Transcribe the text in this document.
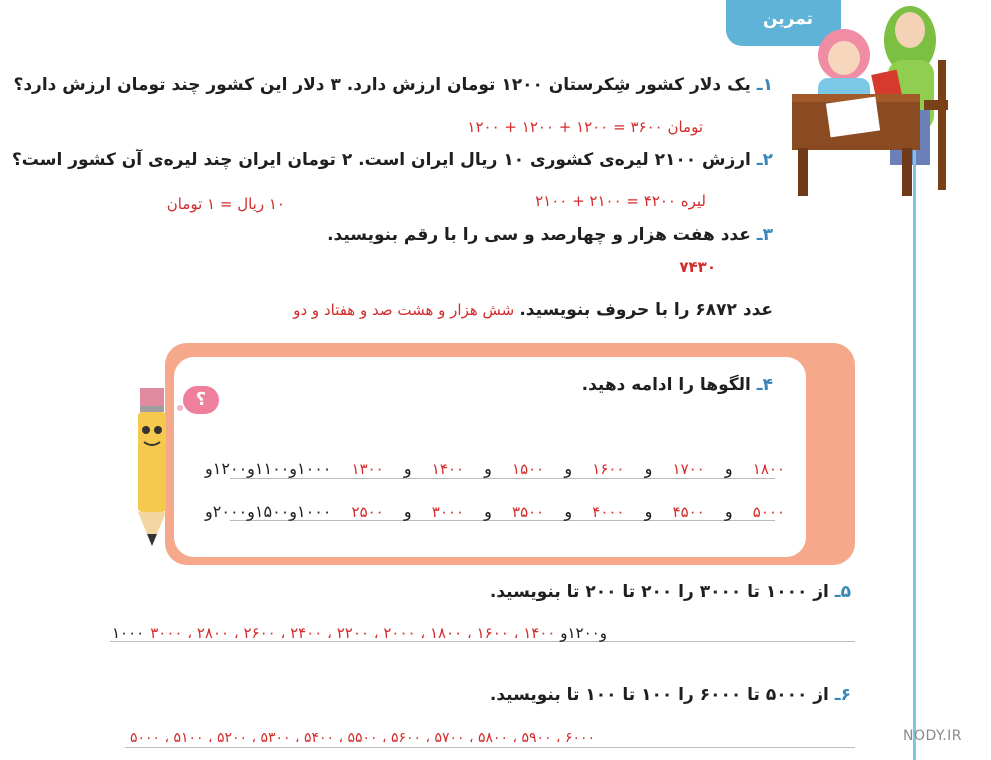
تمرین
۱ـ یک دلار کشور شِکرستان ۱۲۰۰ تومان ارزش دارد. ۳ دلار این کشور چند تومان ارزش دارد؟
تومان ۳۶۰۰ = ۱۲۰۰ + ۱۲۰۰ + ۱۲۰۰
۲ـ ارزش ۲۱۰۰ لیره‌ی کشوری ۱۰ ریال ایران است. ۲ تومان ایران چند لیره‌ی آن کشور است؟
لیره ۴۲۰۰ = ۲۱۰۰ + ۲۱۰۰
۱۰ ریال = ۱ تومان
۳ـ عدد هفت هزار و چهارصد و سی را با رقم بنویسید.
۷۴۳۰
عدد ۶۸۷۲ را با حروف بنویسید. شش هزار و هشت صد و هفتاد و دو
؟
۴ـ الگوها را ادامه دهید.
۱۸۰۰
و
۱۷۰۰
و
۱۶۰۰
و
۱۵۰۰
و
۱۴۰۰
و
۱۳۰۰
۱۰۰۰و۱۱۰۰و۱۲۰۰و
۵۰۰۰
و
۴۵۰۰
و
۴۰۰۰
و
۳۵۰۰
و
۳۰۰۰
و
۲۵۰۰
۱۰۰۰و۱۵۰۰و۲۰۰۰و
۵ـ از ۱۰۰۰ تا ۳۰۰۰ را ۲۰۰ تا ۲۰۰ تا بنویسید.
۱۰۰۰و۱۲۰۰و ۱۴۰۰ ، ۱۶۰۰ ، ۱۸۰۰ ، ۲۰۰۰ ، ۲۲۰۰ ، ۲۴۰۰ ، ۲۶۰۰ ، ۲۸۰۰ ، ۳۰۰۰
۶ـ از ۵۰۰۰ تا ۶۰۰۰ را ۱۰۰ تا ۱۰۰ تا بنویسید.
۵۰۰۰ ، ۵۱۰۰ ، ۵۲۰۰ ، ۵۳۰۰ ، ۵۴۰۰ ، ۵۵۰۰ ، ۵۶۰۰ ، ۵۷۰۰ ، ۵۸۰۰ ، ۵۹۰۰ ، ۶۰۰۰	NODY.IR
